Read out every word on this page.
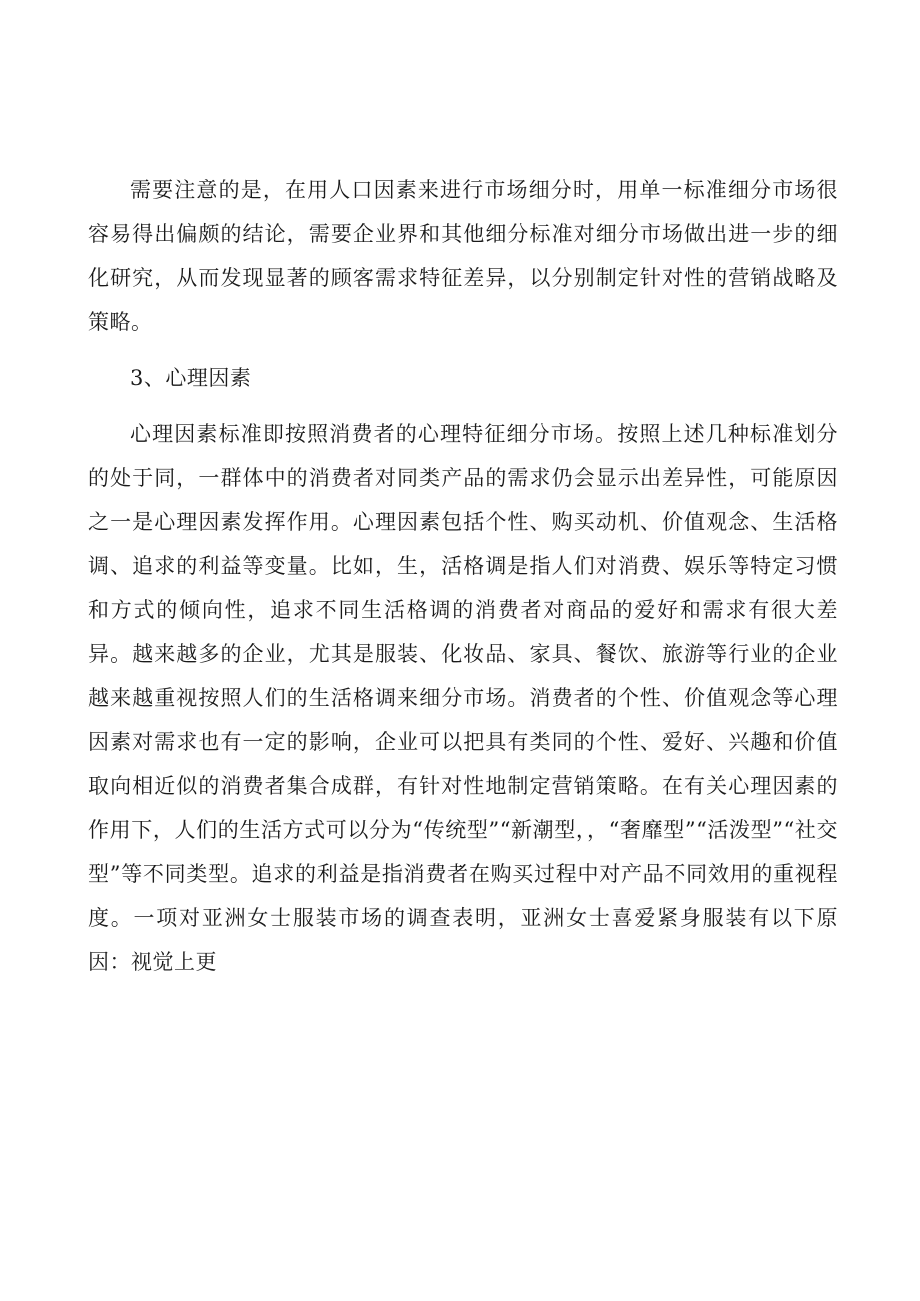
需要注意的是，在用人口因素来进行市场细分时，用单一标准细分市场很容易得出偏颇的结论，需要企业界和其他细分标准对细分市场做出进一步的细化研究，从而发现显著的顾客需求特征差异，以分别制定针对性的营销战略及策略。

3、心理因素

心理因素标准即按照消费者的心理特征细分市场。按照上述几种标准划分的处于同，一群体中的消费者对同类产品的需求仍会显示出差异性，可能原因之一是心理因素发挥作用。心理因素包括个性、购买动机、价值观念、生活格调、追求的利益等变量。比如，生，活格调是指人们对消费、娱乐等特定习惯和方式的倾向性，追求不同生活格调的消费者对商品的爱好和需求有很大差异。越来越多的企业，尤其是服装、化妆品、家具、餐饮、旅游等行业的企业越来越重视按照人们的生活格调来细分市场。消费者的个性、价值观念等心理因素对需求也有一定的影响，企业可以把具有类同的个性、爱好、兴趣和价值取向相近似的消费者集合成群，有针对性地制定营销策略。在有关心理因素的作用下，人们的生活方式可以分为“传统型”“新潮型，，“奢靡型”“活泼型”“社交型”等不同类型。追求的利益是指消费者在购买过程中对产品不同效用的重视程度。一项对亚洲女士服装市场的调查表明，亚洲女士喜爱紧身服装有以下原因：视觉上更
